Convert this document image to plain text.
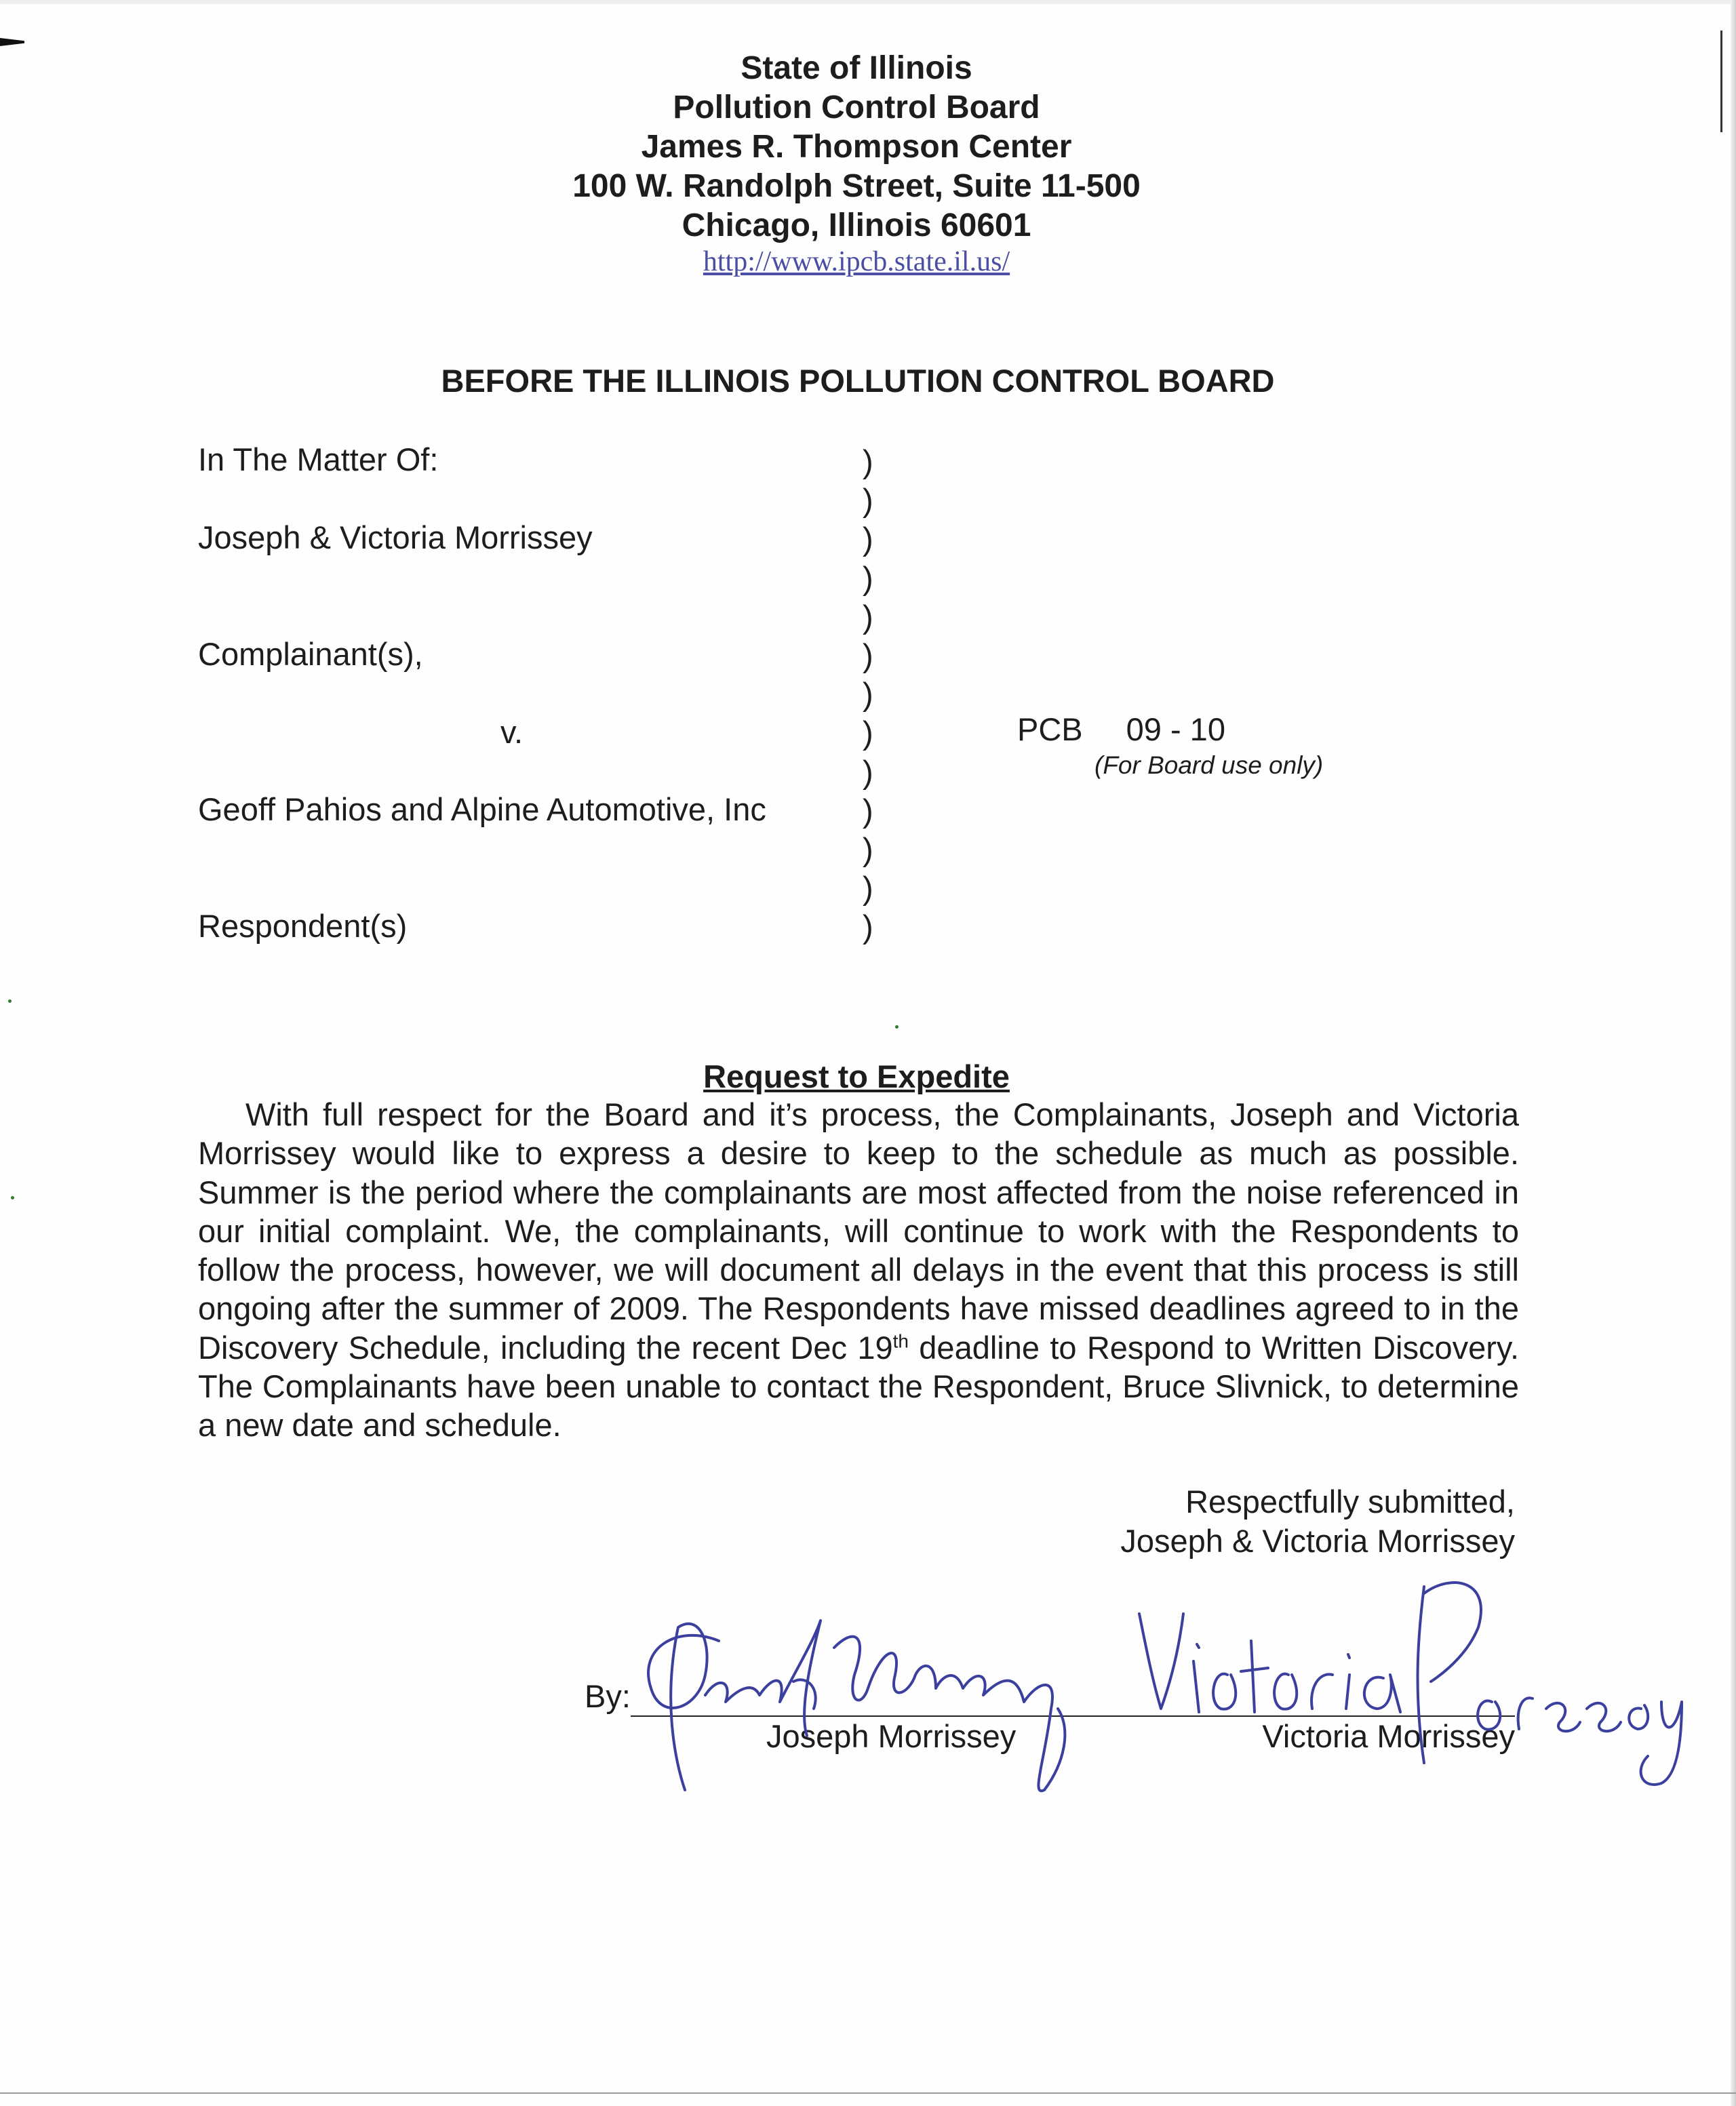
State of Illinois
Pollution Control Board
James R. Thompson Center
100 W. Randolph Street, Suite 11-500
Chicago, Illinois 60601
http://www.ipcb.state.il.us/
BEFORE THE ILLINOIS POLLUTION CONTROL BOARD
In The Matter Of:
Joseph & Victoria Morrissey
Complainant(s),
v.
Geoff Pahios and Alpine Automotive, Inc
Respondent(s)
)
)
)
)
)
)
)
)
)
)
)
)
)
PCB 09 - 10
(For Board use only)
Request to Expedite

With full respect for the Board and it’s process, the Complainants, Joseph and Victoria Morrissey would like to express a desire to keep to the schedule as much as possible. Summer is the period where the complainants are most affected from the noise referenced in our initial complaint. We, the complainants, will continue to work with the Respondents to follow the process, however, we will document all delays in the event that this process is still ongoing after the summer of 2009. The Respondents have missed deadlines agreed to in the Discovery Schedule, including the recent Dec 19th deadline to Respond to Written Discovery. The Complainants have been unable to contact the Respondent, Bruce Slivnick, to determine a new date and schedule.

Respectfully submitted,
Joseph & Victoria Morrissey
By:
Joseph Morrissey	Victoria Morrissey
